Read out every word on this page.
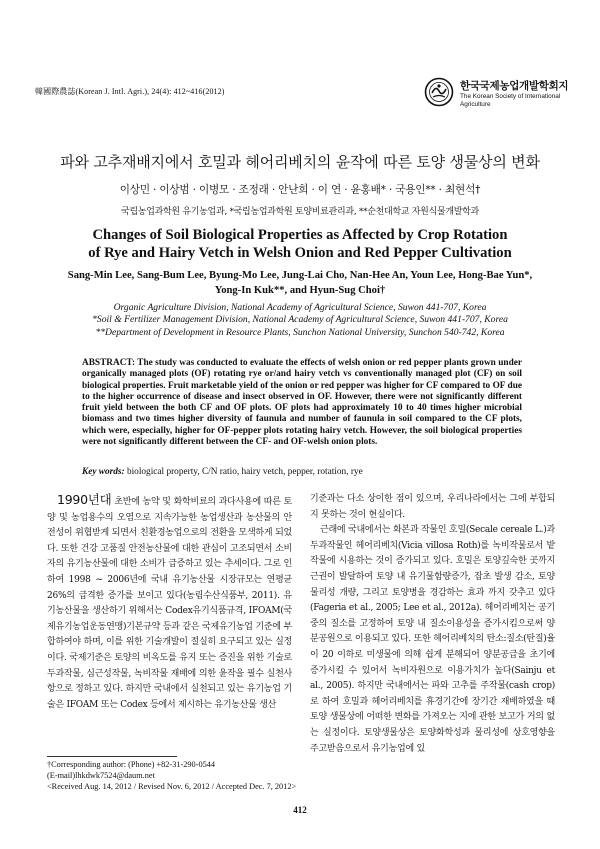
韓國際農誌(Korean J. Intl. Agri.), 24(4): 412~416(2012)	한국국제농업개발학회지
The Korean Society of International Agriculture
파와 고추재배지에서 호밀과 헤어리베치의 윤작에 따른 토양 생물상의 변화
이상민 · 이상범 · 이병모 · 조정래 · 안난희 · 이 연 · 윤홍배* · 국용인** · 최현석†
국립농업과학원 유기농업과, *국립농업과학원 토양비료관리과, **순천대학교 자원식물개발학과
Changes of Soil Biological Properties as Affected by Crop Rotation
of Rye and Hairy Vetch in Welsh Onion and Red Pepper Cultivation
Sang-Min Lee, Sang-Bum Lee, Byung-Mo Lee, Jung-Lai Cho, Nan-Hee An, Youn Lee, Hong-Bae Yun*,
Yong-In Kuk**, and Hyun-Sug Choi†
Organic Agriculture Division, National Academy of Agricultural Science, Suwon 441-707, Korea
*Soil & Fertilizer Management Division, National Academy of Agricultural Science, Suwon 441-707, Korea
**Department of Development in Resource Plants, Sunchon National University, Sunchon 540-742, Korea
ABSTRACT: The study was conducted to evaluate the effects of welsh onion or red pepper plants grown under organically managed plots (OF) rotating rye or/and hairy vetch vs conventionally managed plot (CF) on soil biological properties. Fruit marketable yield of the onion or red pepper was higher for CF compared to OF due to the higher occurrence of disease and insect observed in OF. However, there were not significantly different fruit yield between the both CF and OF plots. OF plots had approximately 10 to 40 times higher microbial biomass and two times higher diversity of faunula and number of faunula in soil compared to the CF plots, which were, especially, higher for OF-pepper plots rotating hairy vetch. However, the soil biological properties were not significantly different between the CF- and OF-welsh onion plots.
Key words: biological property, C/N ratio, hairy vetch, pepper, rotation, rye

1990년대 초반에 농약 및 화학비료의 과다사용에 따른 토양 및 농업용수의 오염으로 지속가능한 농업생산과 농산물의 안전성이 위협받게 되면서 친환경농업으로의 전환을 모색하게 되었다. 또한 건강 고품질 안전농산물에 대한 관심이 고조되면서 소비자의 유기농산물에 대한 소비가 급증하고 있는 추세이다. 그로 인하여 1998 ~ 2006년에 국내 유기농산물 시장규모는 연평균 26%의 급격한 증가를 보이고 있다(농림수산식품부, 2011). 유기농산물을 생산하기 위해서는 Codex유기식품규격, IFOAM(국제유기농업운동연맹)기본규약 등과 같은 국제유기농업 기준에 부합하여야 하며, 이를 위한 기술개발이 절실히 요구되고 있는 실정이다. 국제기준은 토양의 비옥도를 유지 또는 증진을 위한 기술로 두과작물, 심근성작물, 녹비작물 재배에 의한 윤작을 필수 실천사항으로 정하고 있다. 하지만 국내에서 실천되고 있는 유기농업 기술은 IFOAM 또는 Codex 등에서 제시하는 유기농산물 생산

기준과는 다소 상이한 점이 있으며, 우리나라에서는 그에 부합되지 못하는 것이 현실이다.

근래에 국내에서는 화본과 작물인 호밀(Secale cereale L.)과 두과작물인 헤어리베치(Vicia villosa Roth)를 녹비작물로서 밭작물에 시용하는 것이 증가되고 있다. 호밀은 토양깊숙한 곳까지 근권이 발달하여 토양 내 유기물함량증가, 잡초 발생 감소, 토양물리성 개량, 그리고 토양병을 경감하는 효과 까지 갖추고 있다(Fageria et al., 2005; Lee et al., 2012a). 헤어리베치는 공기 중의 질소를 고정하여 토양 내 질소이용성을 증가시킴으로써 양분공원으로 이용되고 있다. 또한 헤어리베치의 탄소:질소(탄질)율이 20 이하로 미생물에 의해 쉽게 분해되어 양분공급을 초기에 증가시킬 수 있어서 녹비자원으로 이용가치가 높다(Sainju et al., 2005). 하지만 국내에서는 파와 고추를 주작물(cash crop)로 하여 호밀과 헤어리베치를 휴경기간에 장기간 재배하였을 때 토양 생물상에 어떠한 변화를 가져오는 지에 관한 보고가 거의 없는 실정이다. 토양생물상은 토양화학성과 물리성에 상호영향을 주고받음으로서 유기농업에 있

†Corresponding author: (Phone) +82-31-290-0544
(E-mail)lhkdwk7524@daum.net
<Received Aug. 14, 2012 / Revised Nov. 6, 2012 / Accepted Dec. 7, 2012>
412
